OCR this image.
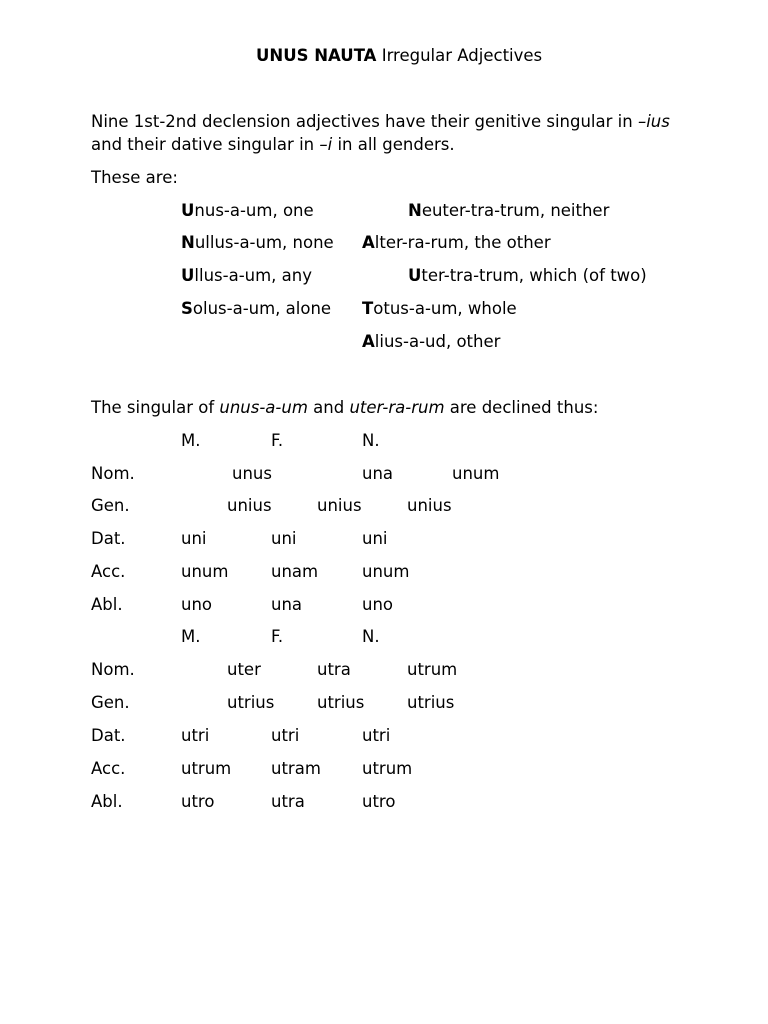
UNUS NAUTA Irregular Adjectives
Nine 1st-2nd declension adjectives have their genitive singular in –ius
and their dative singular in –i in all genders.
These are:
Unus-a-um, one	Neuter-tra-trum, neither
Nullus-a-um, none Alter-ra-rum, the other
Ullus-a-um, any	Uter-tra-trum, which (of two)
Solus-a-um, alone Totus-a-um, whole
Alius-a-ud, other
The singular of unus-a-um and uter-ra-rum are declined thus:
M.	F.	N.
Nom.	unus	una	unum
Gen.	unius	unius	unius
Dat.	uni	uni	uni
Acc.	unum	unam	unum
Abl.	uno	una	uno
M.	F.	N.
Nom.	uter	utra	utrum
Gen.	utrius	utrius	utrius
Dat.	utri	utri	utri
Acc.	utrum utram utrum
Abl.	utro	utra	utro
